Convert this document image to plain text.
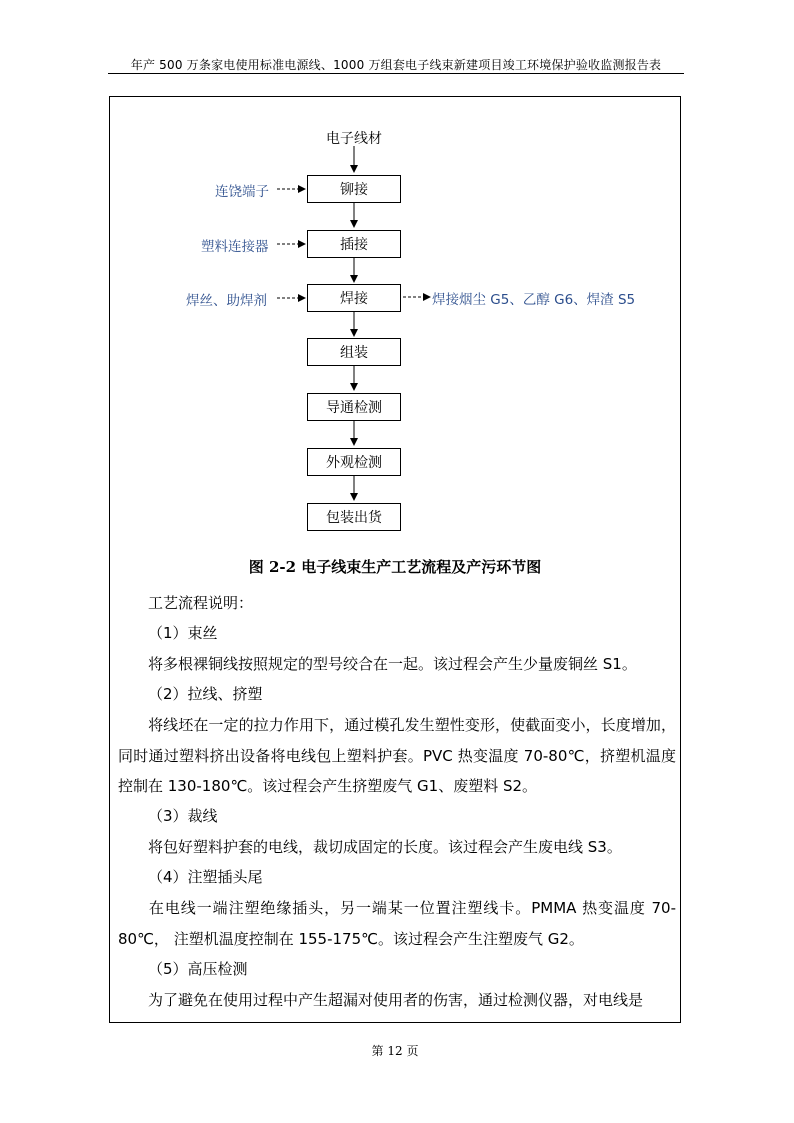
年产 500 万条家电使用标准电源线、1000 万组套电子线束新建项目竣工环境保护验收监测报告表
电子线材
铆接
插接
焊接
组装
导通检测
外观检测
包装出货
连饶端子
塑料连接器
焊丝、助焊剂	焊接烟尘 G5、乙醇 G6、焊渣 S5
图 2-2 电子线束生产工艺流程及产污环节图
工艺流程说明：
（1）束丝
将多根裸铜线按照规定的型号绞合在一起。该过程会产生少量废铜丝 S1。
（2）拉线、挤塑
将线坯在一定的拉力作用下，通过模孔发生塑性变形，使截面变小，长度增加，同时通过塑料挤出设备将电线包上塑料护套。PVC 热变温度 70-80℃，挤塑机温度控制在 130-180℃。该过程会产生挤塑废气 G1、废塑料 S2。
（3）裁线
将包好塑料护套的电线，裁切成固定的长度。该过程会产生废电线 S3。
（4）注塑插头尾
在电线一端注塑绝缘插头，另一端某一位置注塑线卡。PMMA 热变温度 70-80℃， 注塑机温度控制在 155-175℃。该过程会产生注塑废气 G2。
（5）高压检测
为了避免在使用过程中产生超漏对使用者的伤害，通过检测仪器，对电线是
第 12 页
